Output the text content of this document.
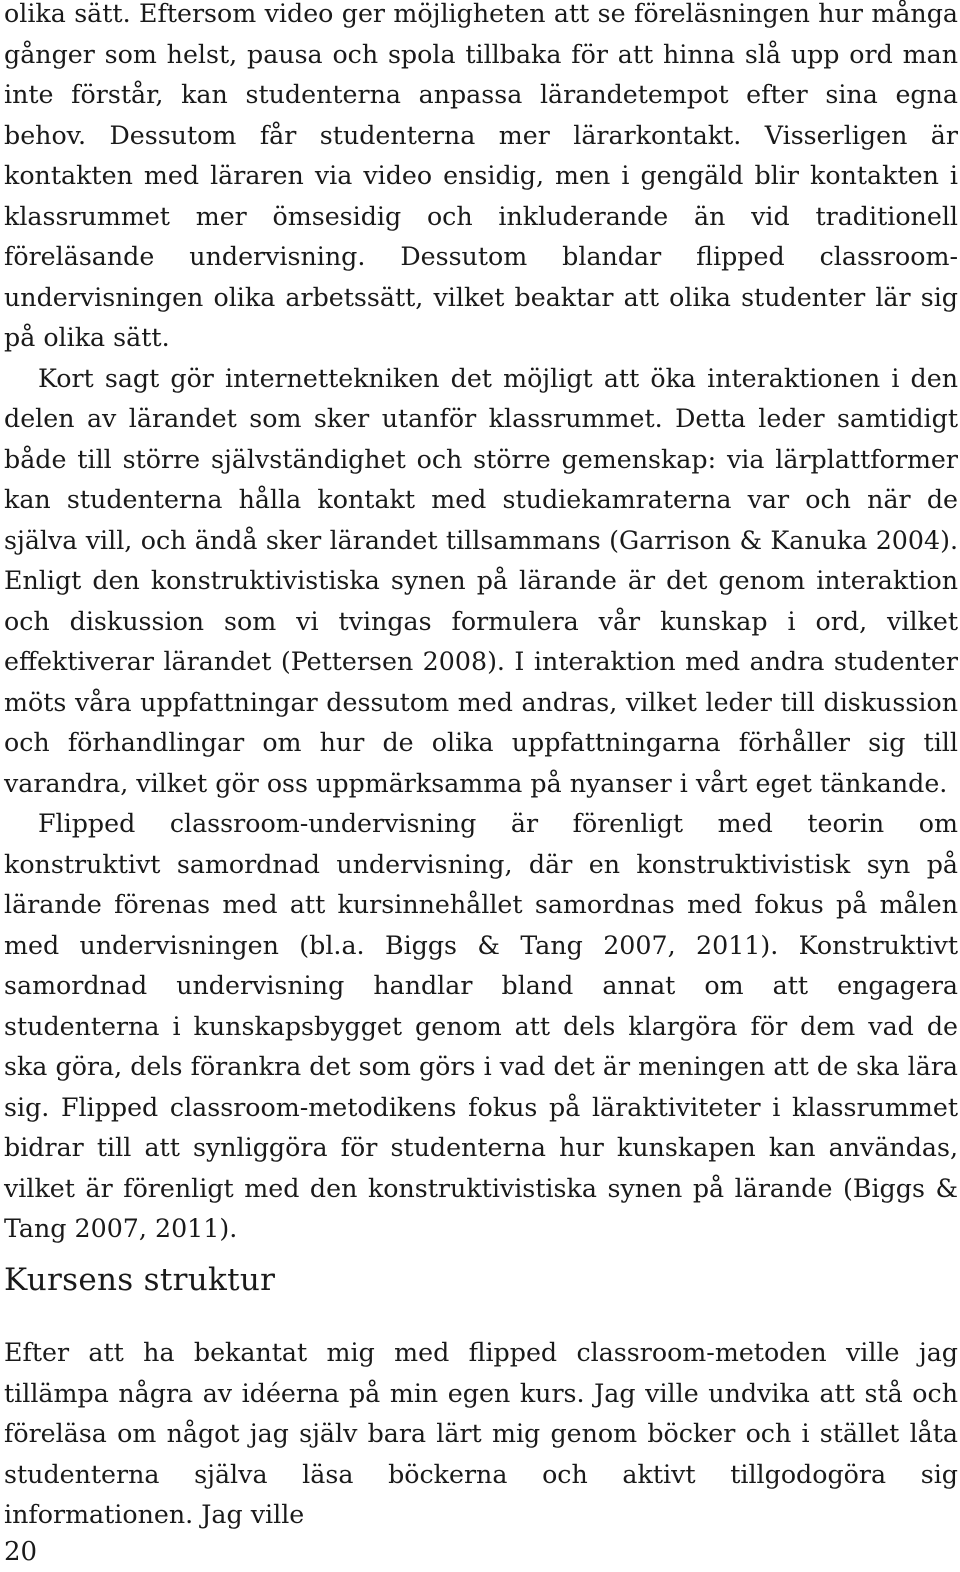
olika sätt. Eftersom video ger möjligheten att se föreläsningen hur många gånger som helst, pausa och spola tillbaka för att hinna slå upp ord man inte förstår, kan studenterna anpassa lärandetempot efter sina egna behov. Dessutom får studenterna mer lärarkontakt. Visserligen är kontakten med läraren via video ensidig, men i gengäld blir kontakten i klassrummet mer ömsesidig och inkluderande än vid traditionell föreläsande undervisning. Dessutom blandar flipped classroom-undervisningen olika arbetssätt, vilket beaktar att olika studenter lär sig på olika sätt.

Kort sagt gör internettekniken det möjligt att öka interaktionen i den delen av lärandet som sker utanför klassrummet. Detta leder samtidigt både till större självständighet och större gemenskap: via lärplattformer kan studenterna hålla kontakt med studiekamraterna var och när de själva vill, och ändå sker lärandet tillsammans (Garrison & Kanuka 2004). Enligt den konstruktivistiska synen på lärande är det genom interaktion och diskussion som vi tvingas formulera vår kunskap i ord, vilket effektiverar lärandet (Pettersen 2008). I interaktion med andra studenter möts våra uppfattningar dessutom med andras, vilket leder till diskussion och förhandlingar om hur de olika uppfattningarna förhåller sig till varandra, vilket gör oss uppmärksamma på nyanser i vårt eget tänkande.

Flipped classroom-undervisning är förenligt med teorin om konstruktivt samordnad undervisning, där en konstruktivistisk syn på lärande förenas med att kursinnehållet samordnas med fokus på målen med undervisningen (bl.a. Biggs & Tang 2007, 2011). Konstruktivt samordnad undervisning handlar bland annat om att engagera studenterna i kunskapsbygget genom att dels klargöra för dem vad de ska göra, dels förankra det som görs i vad det är meningen att de ska lära sig. Flipped classroom-metodikens fokus på läraktiviteter i klassrummet bidrar till att synliggöra för studenterna hur kunskapen kan användas, vilket är förenligt med den konstruktivistiska synen på lärande (Biggs & Tang 2007, 2011).

Kursens struktur

Efter att ha bekantat mig med flipped classroom-metoden ville jag tillämpa några av idéerna på min egen kurs. Jag ville undvika att stå och föreläsa om något jag själv bara lärt mig genom böcker och i stället låta studenterna själva läsa böckerna och aktivt tillgodogöra sig informationen. Jag ville

20
